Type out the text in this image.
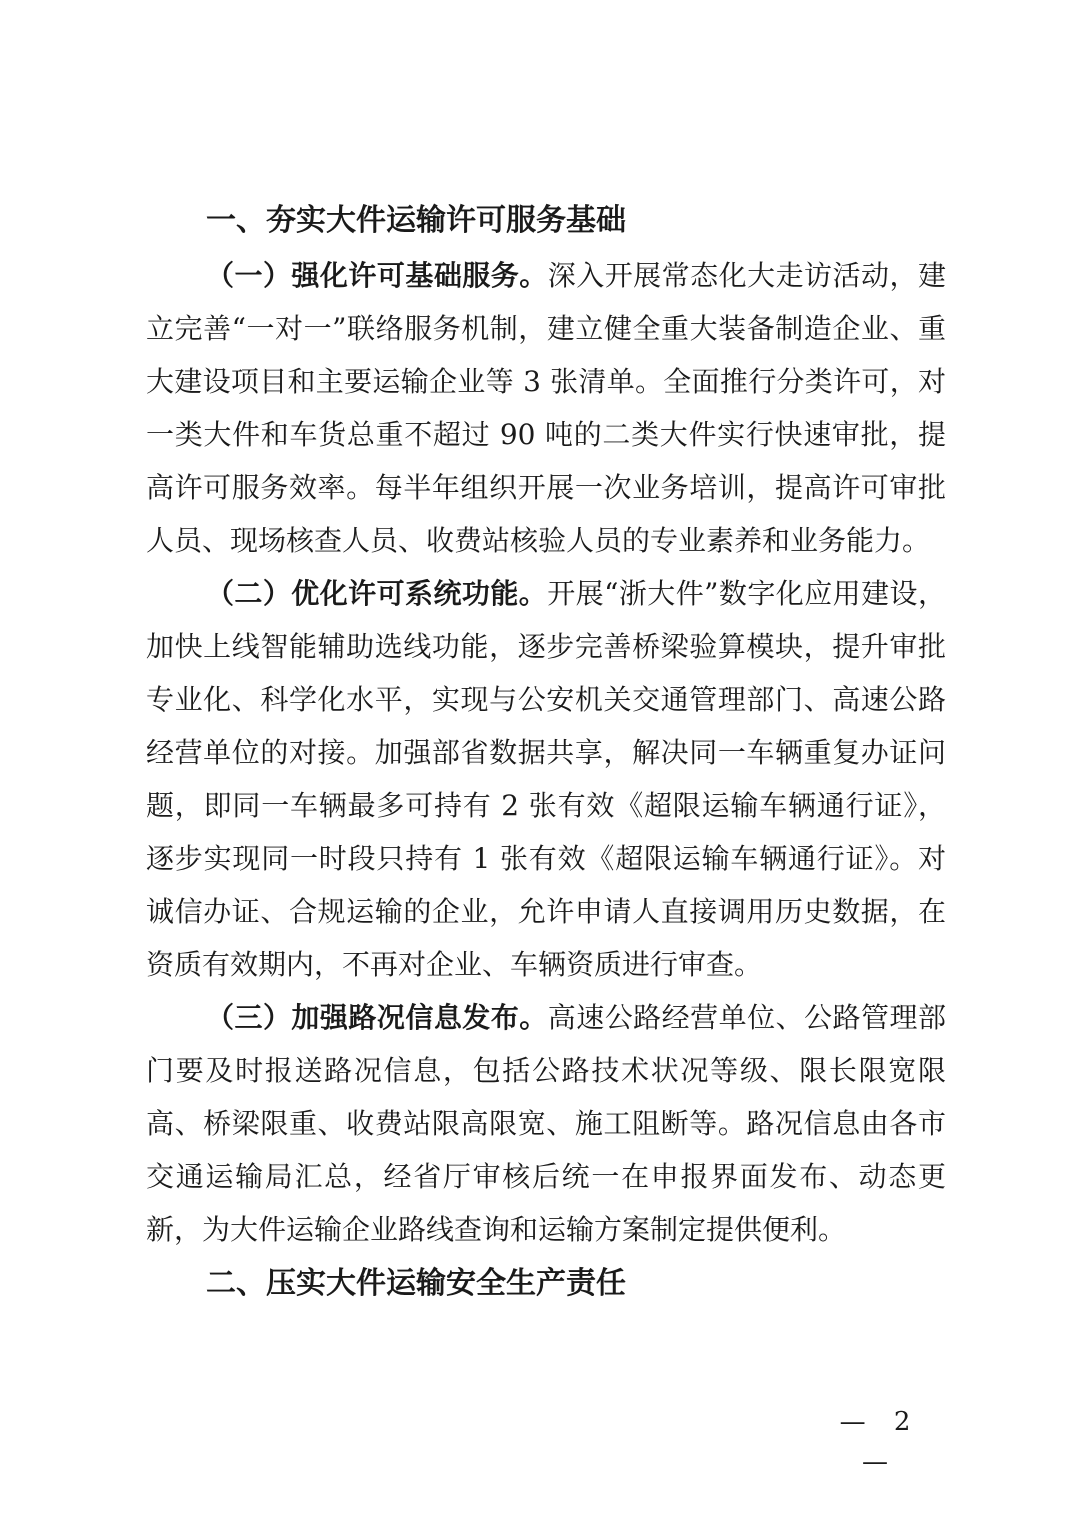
一、夯实大件运输许可服务基础

（一）强化许可基础服务。深入开展常态化大走访活动，建立完善“一对一”联络服务机制，建立健全重大装备制造企业、重大建设项目和主要运输企业等 3 张清单。全面推行分类许可，对一类大件和车货总重不超过 90 吨的二类大件实行快速审批，提高许可服务效率。每半年组织开展一次业务培训，提高许可审批人员、现场核查人员、收费站核验人员的专业素养和业务能力。

（二）优化许可系统功能。开展“浙大件”数字化应用建设，加快上线智能辅助选线功能，逐步完善桥梁验算模块，提升审批专业化、科学化水平，实现与公安机关交通管理部门、高速公路经营单位的对接。加强部省数据共享，解决同一车辆重复办证问题，即同一车辆最多可持有 2 张有效《超限运输车辆通行证》，逐步实现同一时段只持有 1 张有效《超限运输车辆通行证》。对诚信办证、合规运输的企业，允许申请人直接调用历史数据，在资质有效期内，不再对企业、车辆资质进行审查。

（三）加强路况信息发布。高速公路经营单位、公路管理部门要及时报送路况信息，包括公路技术状况等级、限长限宽限高、桥梁限重、收费站限高限宽、施工阻断等。路况信息由各市交通运输局汇总，经省厅审核后统一在申报界面发布、动态更新，为大件运输企业路线查询和运输方案制定提供便利。

二、压实大件运输安全生产责任
— 2 —
